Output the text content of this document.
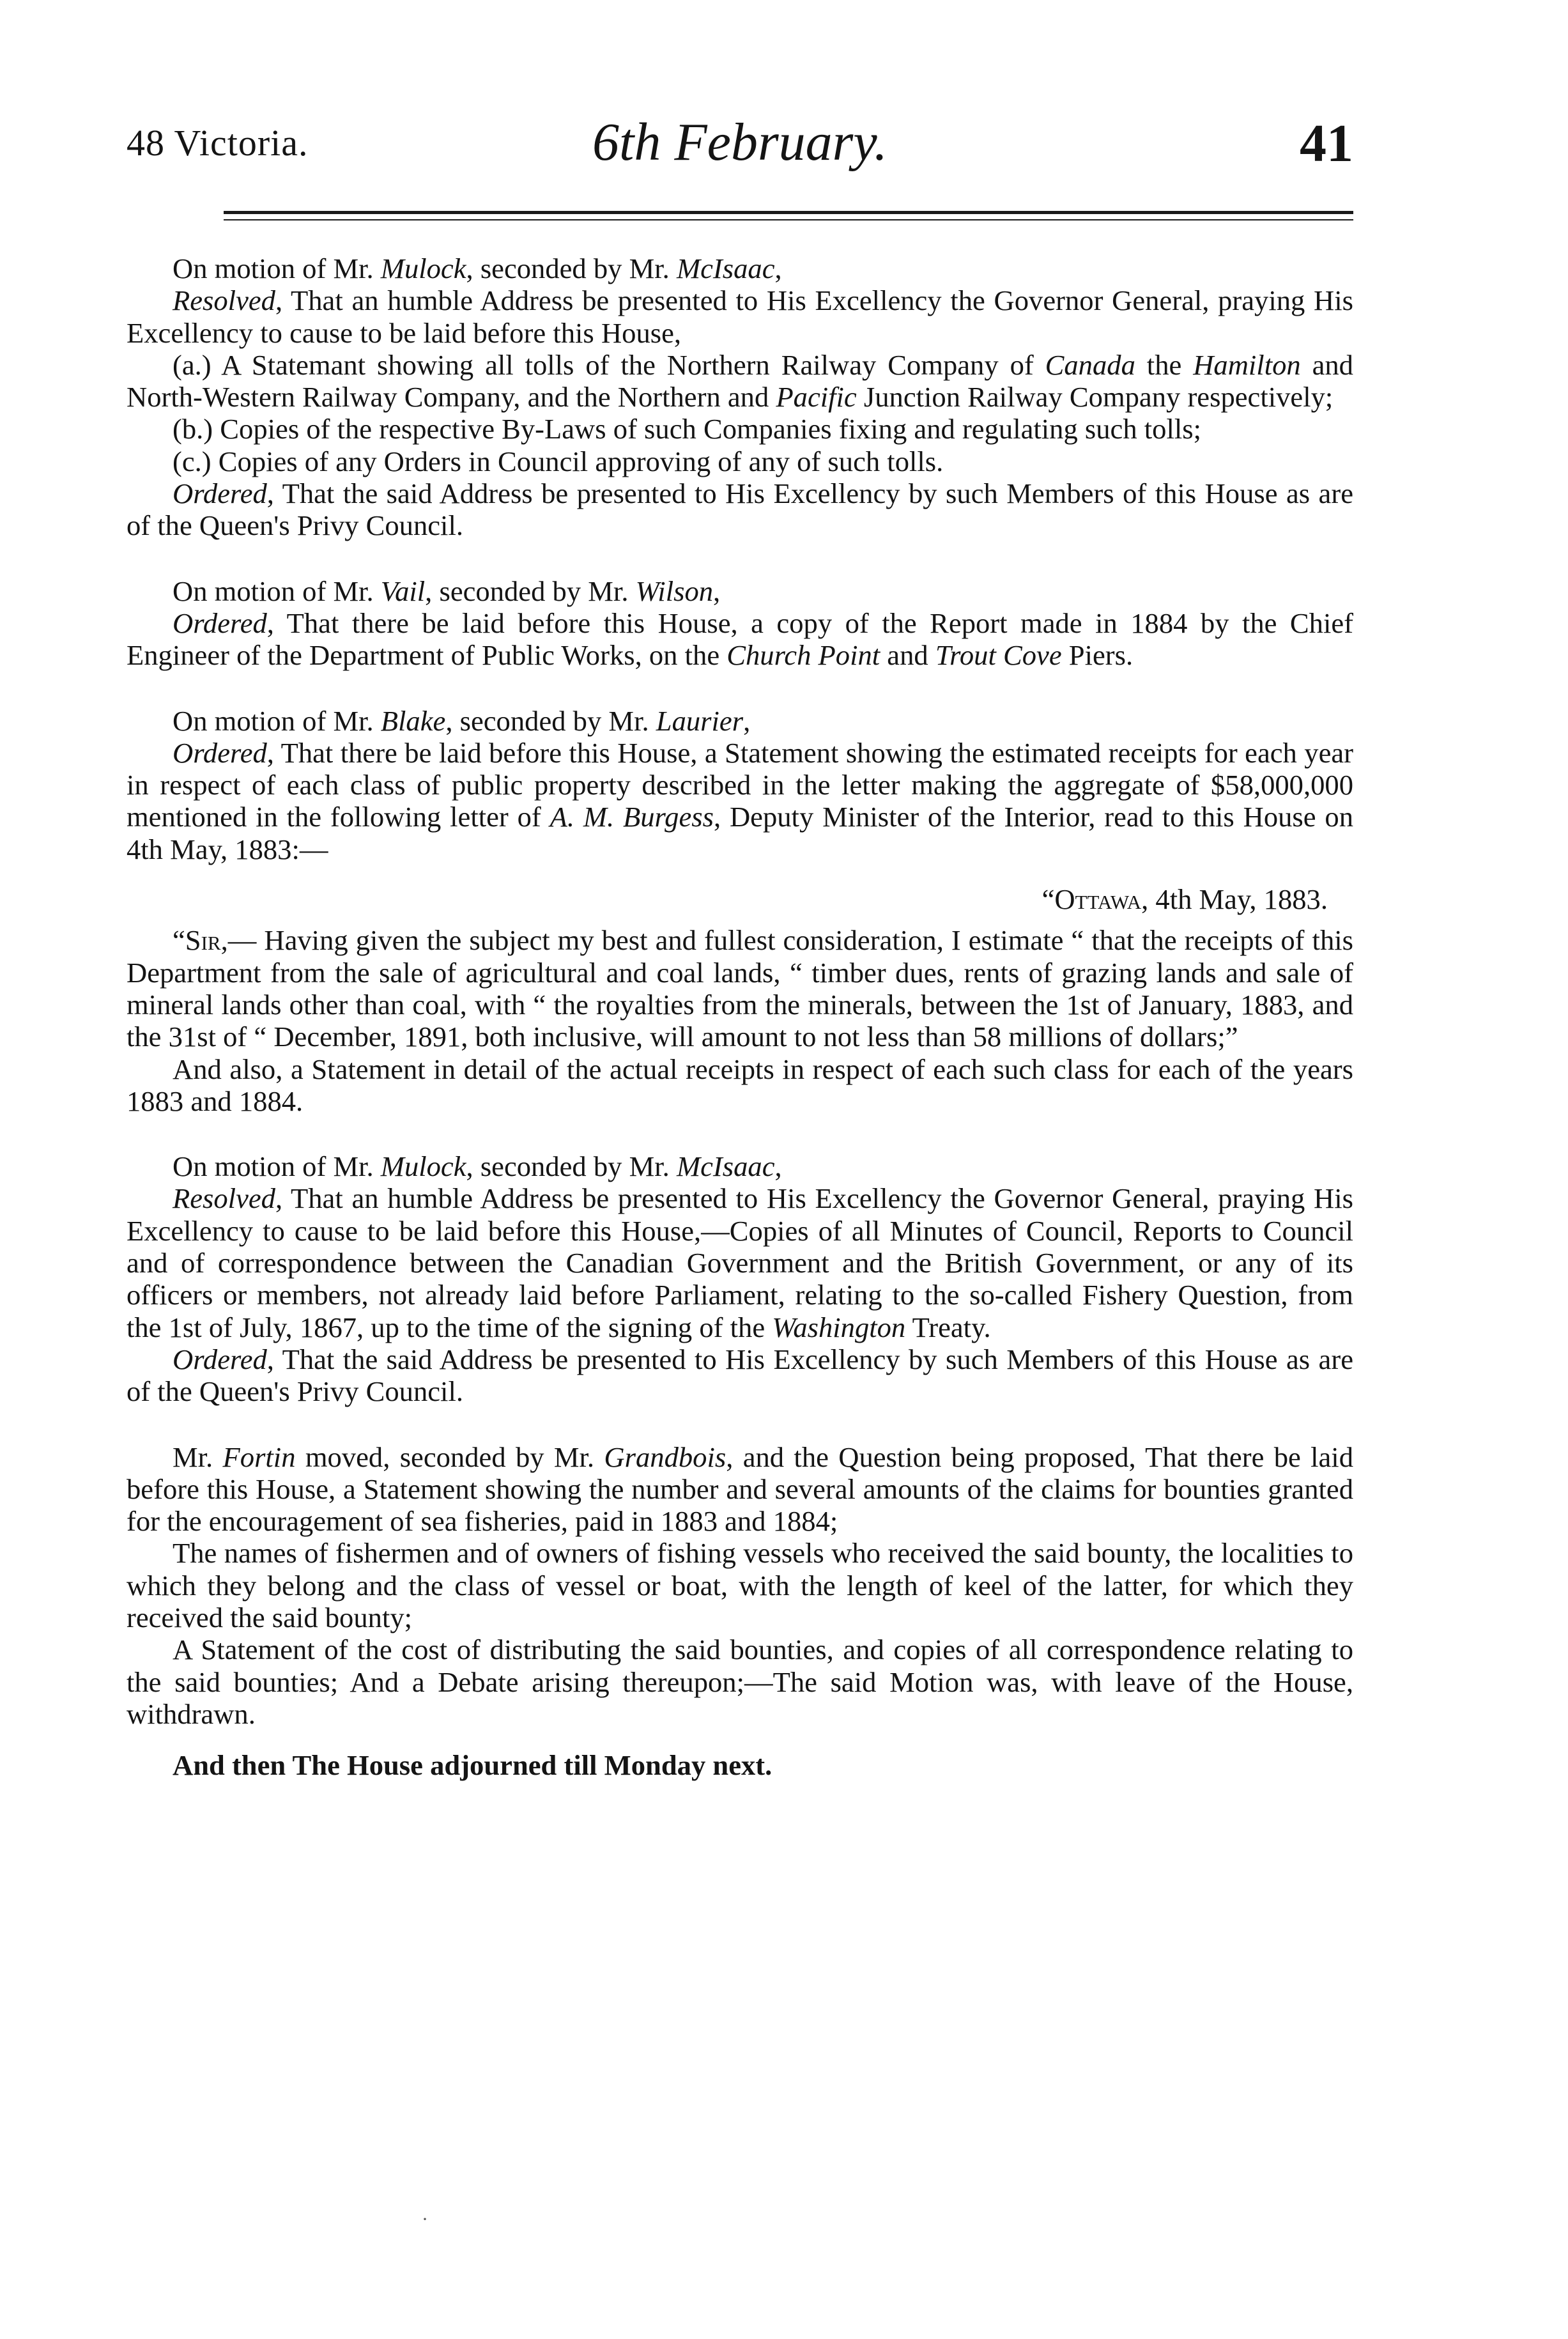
48 Victoria.	6th February.	41

On motion of Mr. Mulock, seconded by Mr. McIsaac,

Resolved, That an humble Address be presented to His Excellency the Governor General, praying His Excellency to cause to be laid before this House,

(a.) A Statemant showing all tolls of the Northern Railway Company of Canada the Hamilton and North-Western Railway Company, and the Northern and Pacific Junction Railway Company respectively;

(b.) Copies of the respective By-Laws of such Companies fixing and regulating such tolls;

(c.) Copies of any Orders in Council approving of any of such tolls.

Ordered, That the said Address be presented to His Excellency by such Members of this House as are of the Queen's Privy Council.

On motion of Mr. Vail, seconded by Mr. Wilson,

Ordered, That there be laid before this House, a copy of the Report made in 1884 by the Chief Engineer of the Department of Public Works, on the Church Point and Trout Cove Piers.

On motion of Mr. Blake, seconded by Mr. Laurier,

Ordered, That there be laid before this House, a Statement showing the estimated receipts for each year in respect of each class of public property described in the letter making the aggregate of $58,000,000 mentioned in the following letter of A. M. Burgess, Deputy Minister of the Interior, read to this House on 4th May, 1883:—

“Ottawa, 4th May, 1883.

“Sir,— Having given the subject my best and fullest consideration, I estimate “ that the receipts of this Department from the sale of agricultural and coal lands, “ timber dues, rents of grazing lands and sale of mineral lands other than coal, with “ the royalties from the minerals, between the 1st of January, 1883, and the 31st of “ December, 1891, both inclusive, will amount to not less than 58 millions of dollars;”

And also, a Statement in detail of the actual receipts in respect of each such class for each of the years 1883 and 1884.

On motion of Mr. Mulock, seconded by Mr. McIsaac,

Resolved, That an humble Address be presented to His Excellency the Governor General, praying His Excellency to cause to be laid before this House,—Copies of all Minutes of Council, Reports to Council and of correspondence between the Canadian Government and the British Government, or any of its officers or members, not already laid before Parliament, relating to the so-called Fishery Question, from the 1st of July, 1867, up to the time of the signing of the Washington Treaty.

Ordered, That the said Address be presented to His Excellency by such Members of this House as are of the Queen's Privy Council.

Mr. Fortin moved, seconded by Mr. Grandbois, and the Question being proposed, That there be laid before this House, a Statement showing the number and several amounts of the claims for bounties granted for the encouragement of sea fisheries, paid in 1883 and 1884;

The names of fishermen and of owners of fishing vessels who received the said bounty, the localities to which they belong and the class of vessel or boat, with the length of keel of the latter, for which they received the said bounty;

A Statement of the cost of distributing the said bounties, and copies of all correspondence relating to the said bounties; And a Debate arising thereupon;—The said Motion was, with leave of the House, withdrawn.

And then The House adjourned till Monday next.

·
